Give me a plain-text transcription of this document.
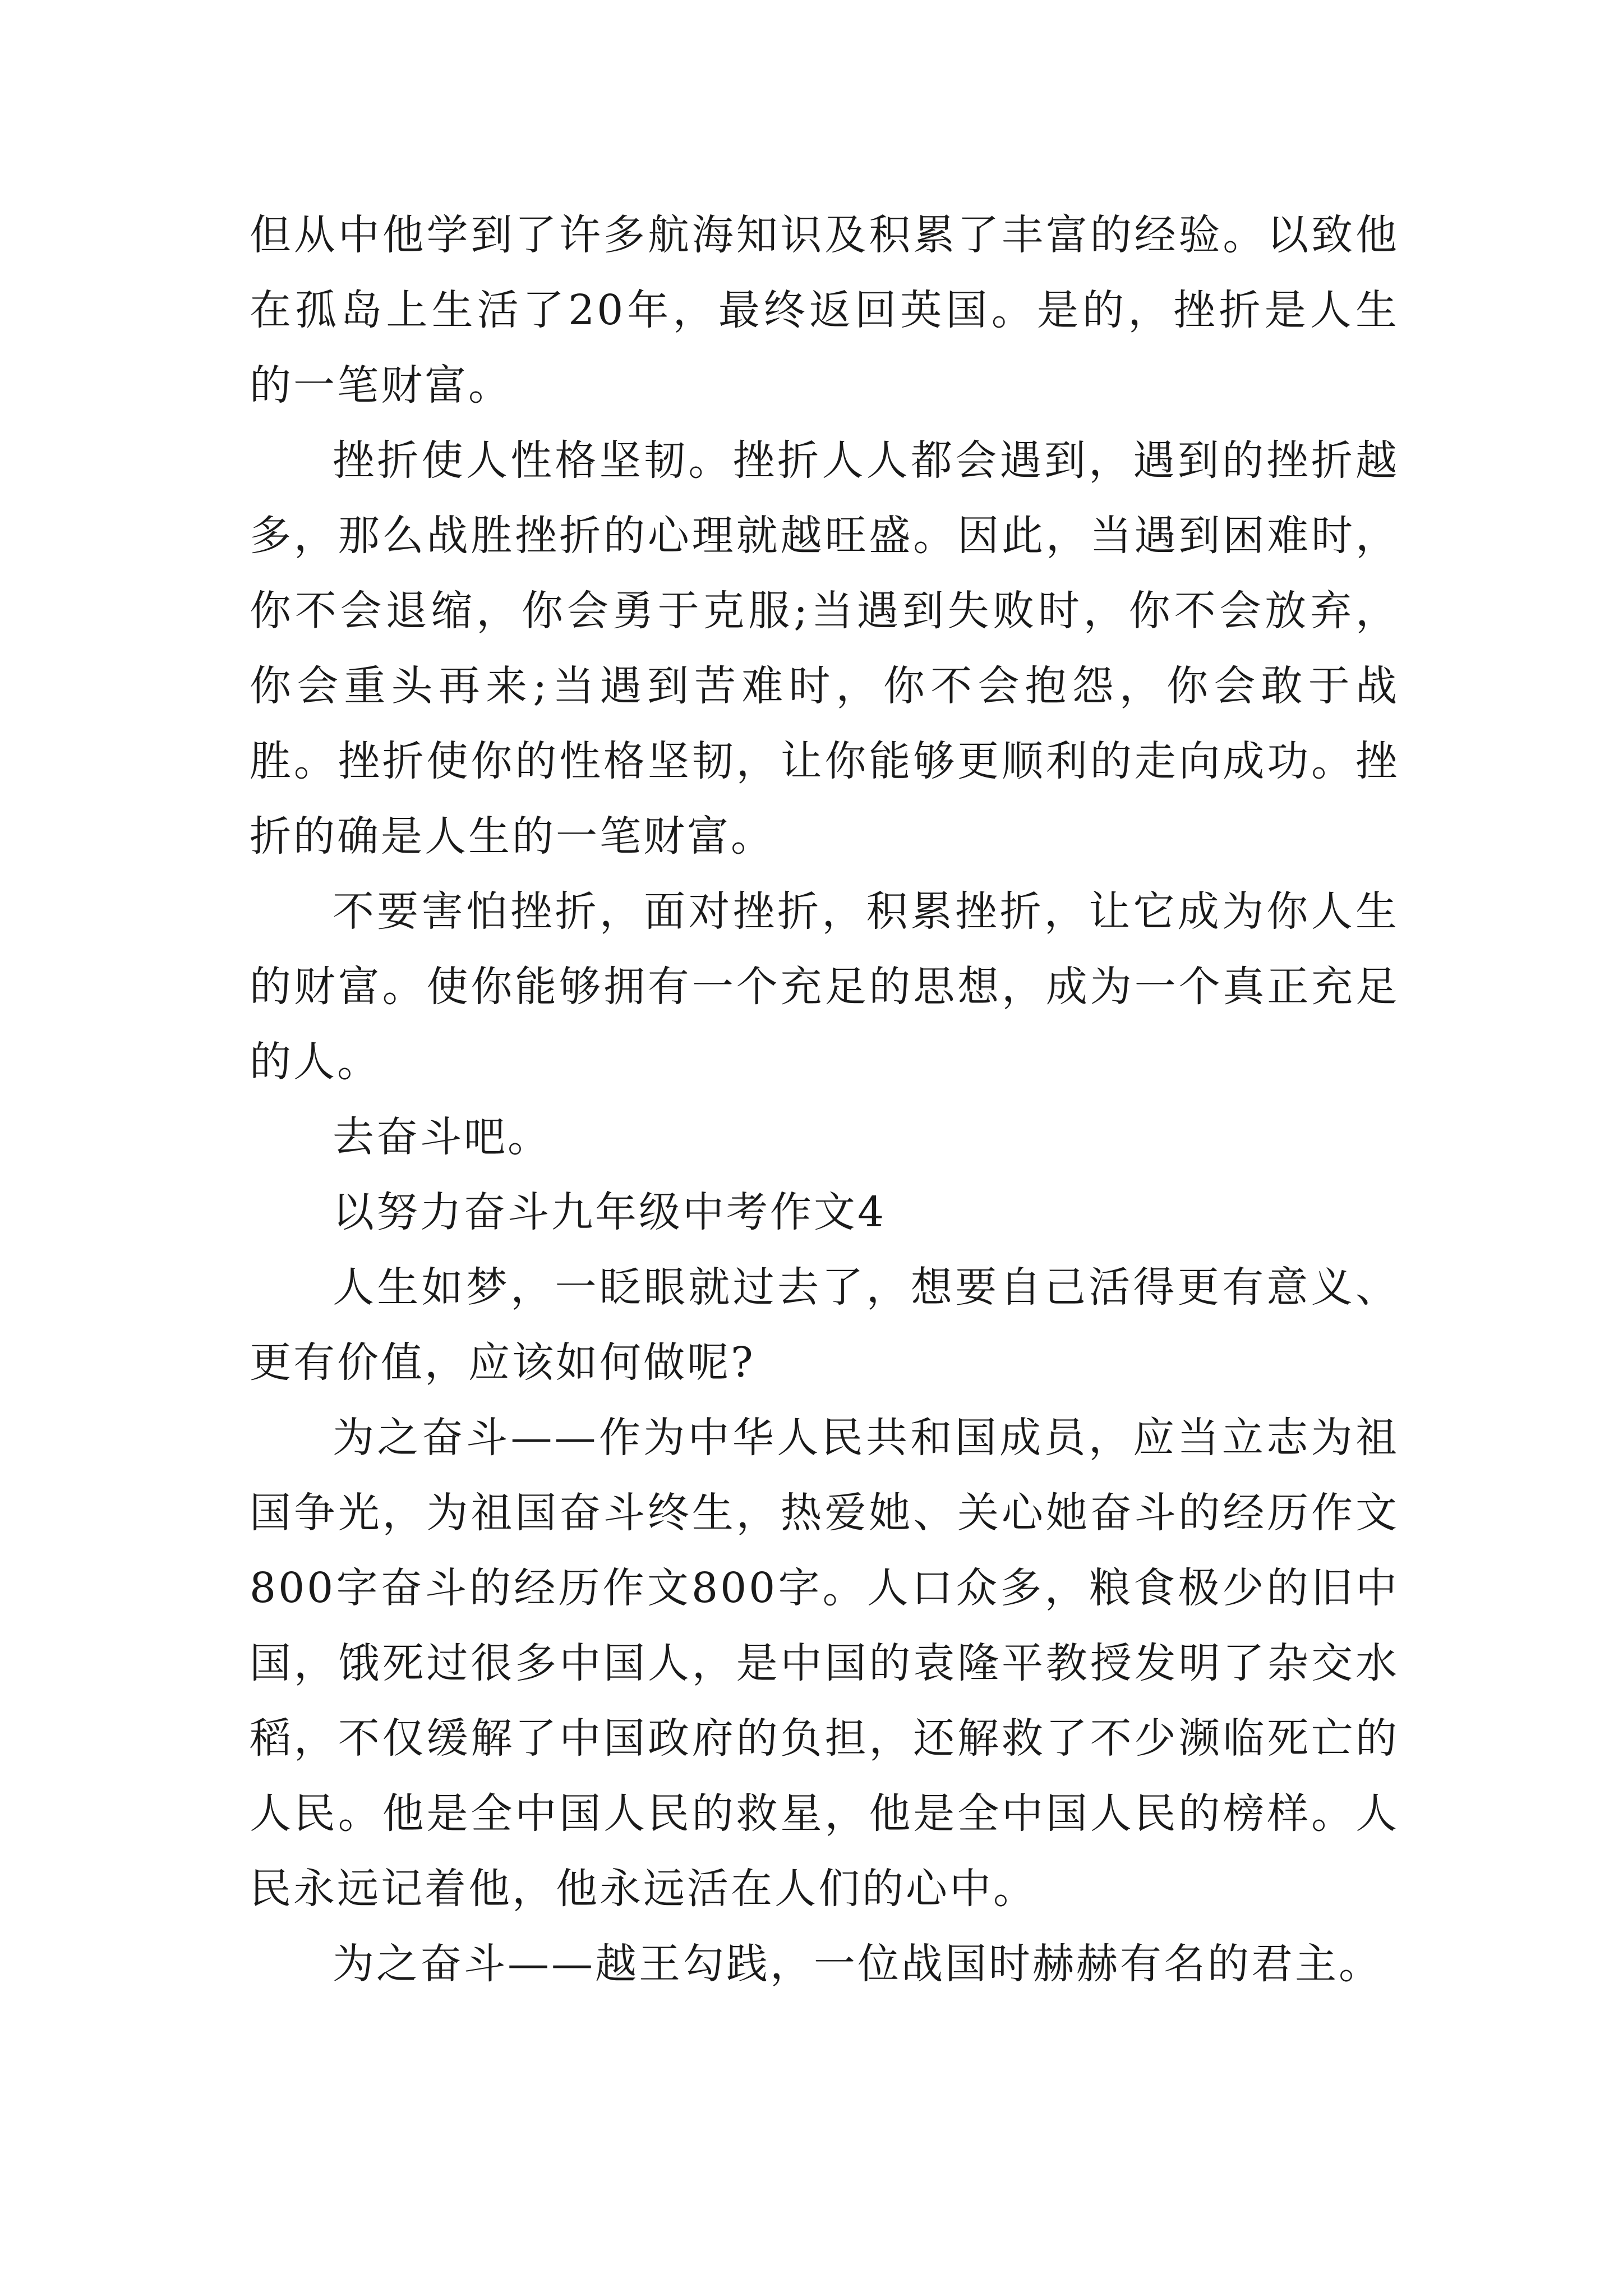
但从中他学到了许多航海知识及积累了丰富的经验。以致他在孤岛上生活了20年，最终返回英国。是的，挫折是人生的一笔财富。

挫折使人性格坚韧。挫折人人都会遇到，遇到的挫折越多，那么战胜挫折的心理就越旺盛。因此，当遇到困难时，你不会退缩，你会勇于克服;当遇到失败时，你不会放弃，你会重头再来;当遇到苦难时，你不会抱怨，你会敢于战胜。挫折使你的性格坚韧，让你能够更顺利的走向成功。挫折的确是人生的一笔财富。

不要害怕挫折，面对挫折，积累挫折，让它成为你人生的财富。使你能够拥有一个充足的思想，成为一个真正充足的人。

去奋斗吧。

以努力奋斗九年级中考作文4

人生如梦，一眨眼就过去了，想要自己活得更有意义、更有价值，应该如何做呢?

为之奋斗——作为中华人民共和国成员，应当立志为祖国争光，为祖国奋斗终生，热爱她、关心她奋斗的经历作文800字奋斗的经历作文800字。人口众多，粮食极少的旧中国，饿死过很多中国人，是中国的袁隆平教授发明了杂交水稻，不仅缓解了中国政府的负担，还解救了不少濒临死亡的人民。他是全中国人民的救星，他是全中国人民的榜样。人民永远记着他，他永远活在人们的心中。

为之奋斗——越王勾践，一位战国时赫赫有名的君主。
